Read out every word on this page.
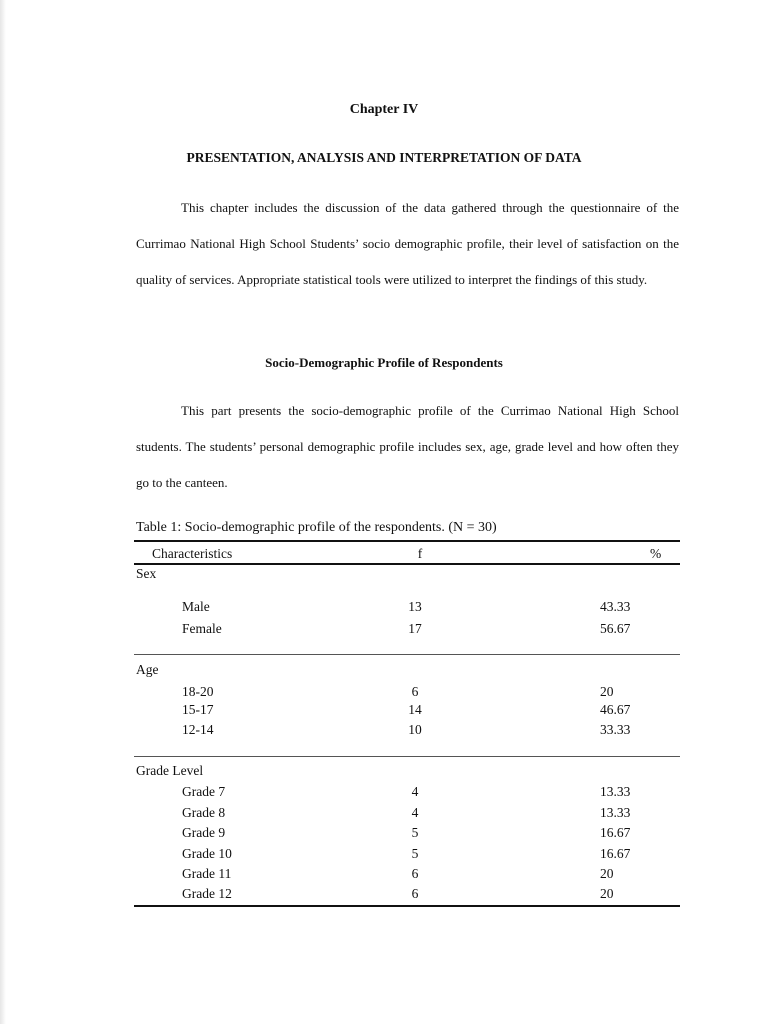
Chapter IV
PRESENTATION, ANALYSIS AND INTERPRETATION OF DATA

This chapter includes the discussion of the data gathered through the questionnaire of the Currimao National High School Students’ socio demographic profile, their level of satisfaction on the quality of services. Appropriate statistical tools were utilized to interpret the findings of this study.

Socio-Demographic Profile of Respondents

This part presents the socio-demographic profile of the Currimao National High School students. The students’ personal demographic profile includes sex, age, grade level and how often they go to the canteen.

Table 1: Socio-demographic profile of the respondents. (N = 30)
Characteristics	f	%
Sex
Male	13	43.33
Female	17	56.67
Age
18-20	6	20
15-17	14	46.67
12-14	10	33.33
Grade Level
Grade 7	4	13.33
Grade 8	4	13.33
Grade 9	5	16.67
Grade 10	5	16.67
Grade 11	6	20
Grade 12	6	20
